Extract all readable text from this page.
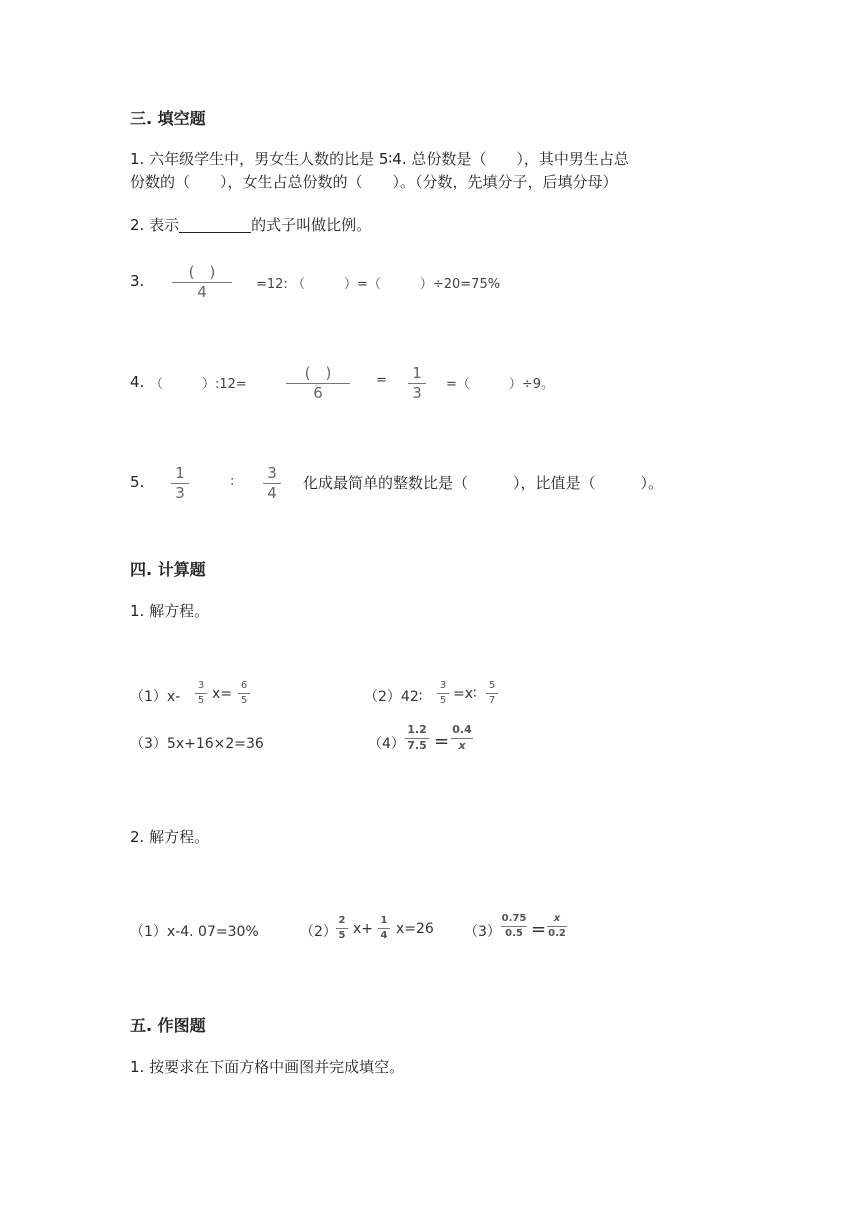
三. 填空题
1. 六年级学生中，男女生人数的比是 5∶4. 总份数是（　　），其中男生占总
份数的（　　），女生占总份数的（　　）。（分数，先填分子，后填分母）
2. 表示	的式子叫做比例。
3.	(　)
4	=12: （　　　）=（　　　）÷20=75%
4. （　　　）:12=
(　)
6
= 1
3 =（　　　）÷9。
5. 1
3
: 3
4
化成最简单的整数比是（　　　），比值是（　　　）。
四. 计算题
1. 解方程。
（1）x-
3
5 x=
6
5	（2）42∶
3
5 =x∶
5
7
（3）5x+16×2=36	（4）
1.2
7.5 =
0.4
x
2. 解方程。
（1）x-4. 07=30%	（2）
2
5 x+
1
4 x=26 （3）
0.75
0.5 =
x
0.2
五. 作图题
1. 按要求在下面方格中画图并完成填空。
